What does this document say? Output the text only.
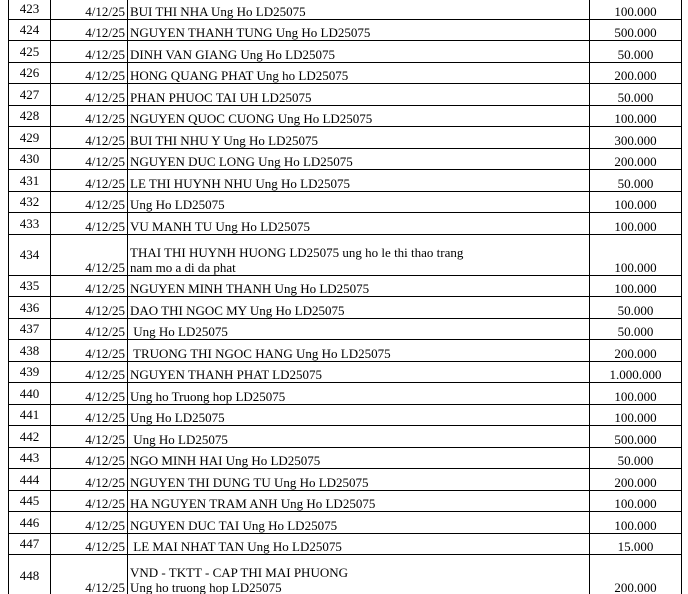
423	4/12/25	BUI THI NHA Ung Ho LD25075	100.000
424	4/12/25	NGUYEN THANH TUNG Ung Ho LD25075	500.000
425	4/12/25	DINH VAN GIANG Ung Ho LD25075	50.000
426	4/12/25	HONG QUANG PHAT Ung ho LD25075	200.000
427	4/12/25	PHAN PHUOC TAI UH LD25075	50.000
428	4/12/25	NGUYEN QUOC CUONG Ung Ho LD25075	100.000
429	4/12/25	BUI THI NHU Y Ung Ho LD25075	300.000
430	4/12/25	NGUYEN DUC LONG Ung Ho LD25075	200.000
431	4/12/25	LE THI HUYNH NHU Ung Ho LD25075	50.000
432	4/12/25	Ung Ho LD25075	100.000
433	4/12/25	VU MANH TU Ung Ho LD25075	100.000
434	4/12/25	THAI THI HUYNH HUONG LD25075 ung ho le thi thao trang
nam mo a di da phat	100.000
435	4/12/25	NGUYEN MINH THANH Ung Ho LD25075	100.000
436	4/12/25	DAO THI NGOC MY Ung Ho LD25075	50.000
437	4/12/25	Ung Ho LD25075	50.000
438	4/12/25	TRUONG THI NGOC HANG Ung Ho LD25075	200.000
439	4/12/25	NGUYEN THANH PHAT LD25075	1.000.000
440	4/12/25	Ung ho Truong hop LD25075	100.000
441	4/12/25	Ung Ho LD25075	100.000
442	4/12/25	Ung Ho LD25075	500.000
443	4/12/25	NGO MINH HAI Ung Ho LD25075	50.000
444	4/12/25	NGUYEN THI DUNG TU Ung Ho LD25075	200.000
445	4/12/25	HA NGUYEN TRAM ANH Ung Ho LD25075	100.000
446	4/12/25	NGUYEN DUC TAI Ung Ho LD25075	100.000
447	4/12/25	LE MAI NHAT TAN Ung Ho LD25075	15.000
448	4/12/25	VND - TKTT - CAP THI MAI PHUONG
Ung ho truong hop LD25075	200.000
